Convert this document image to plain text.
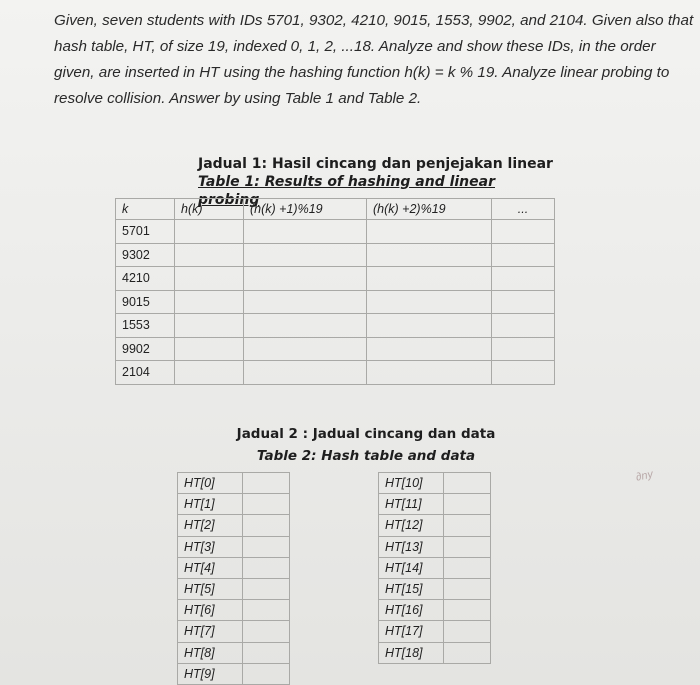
Given, seven students with IDs 5701, 9302, 4210, 9015, 1553, 9902, and 2104. Given also that hash table, HT, of size 19, indexed 0, 1, 2, ...18. Analyze and show these IDs, in the order given, are inserted in HT using the hashing function h(k) = k % 19. Analyze linear probing to resolve collision. Answer by using Table 1 and Table 2.
Jadual 1: Hasil cincang dan penjejakan linear
Table 1: Results of hashing and linear probing
k	h(k)	(h(k) +1)%19	(h(k) +2)%19	...
5701				
9302				
4210				
9015				
1553				
9902				
2104				
Jadual 2 : Jadual cincang dan data
Table 2: Hash table and data
HT[0]	
HT[1]	
HT[2]	
HT[3]	
HT[4]	
HT[5]	
HT[6]	
HT[7]	
HT[8]	
HT[9]	
HT[10]	
HT[11]	
HT[12]	
HT[13]	
HT[14]	
HT[15]	
HT[16]	
HT[17]	
HT[18]	
∂ny
